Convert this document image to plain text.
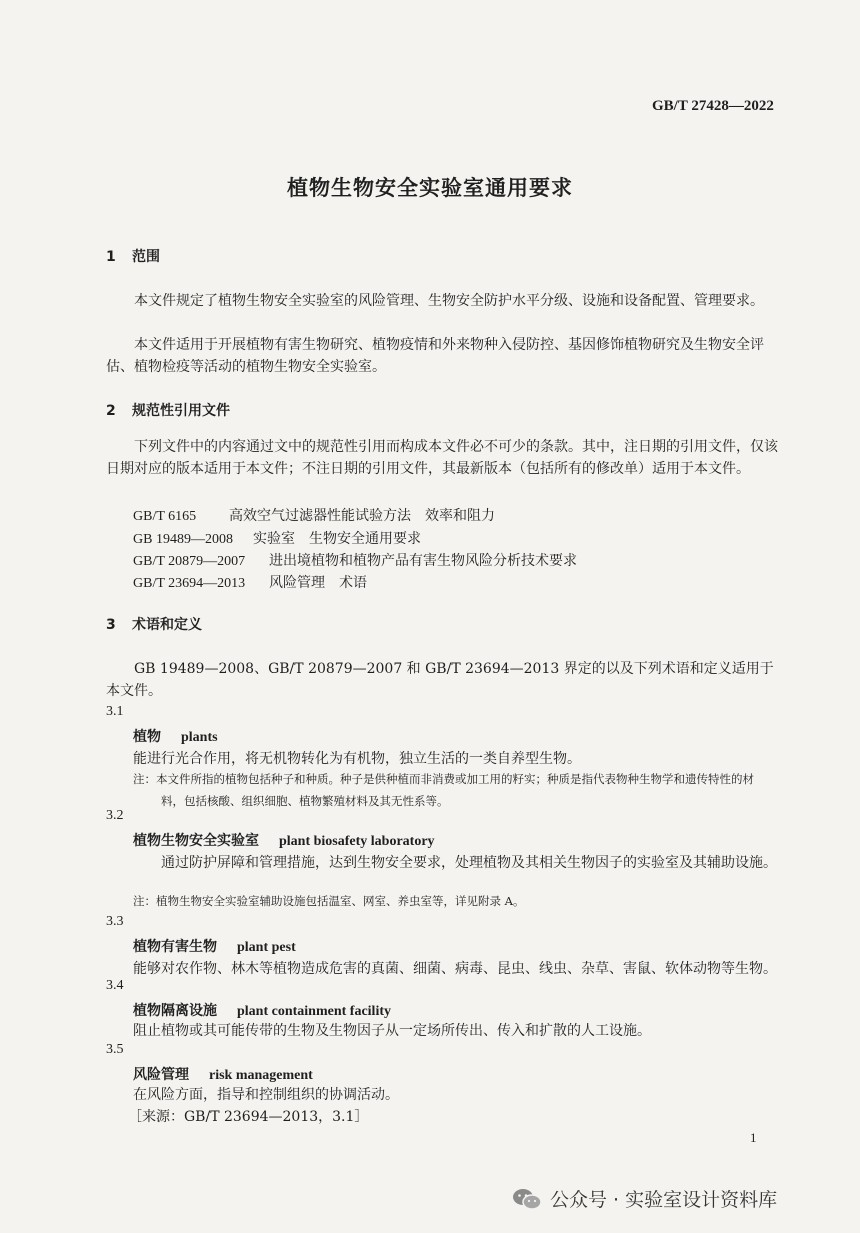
GB/T 27428—2022
植物生物安全实验室通用要求
1 范围
本文件规定了植物生物安全实验室的风险管理、生物安全防护水平分级、设施和设备配置、管理要求。
本文件适用于开展植物有害生物研究、植物疫情和外来物种入侵防控、基因修饰植物研究及生物安全评估、植物检疫等活动的植物生物安全实验室。
2 规范性引用文件
下列文件中的内容通过文中的规范性引用而构成本文件必不可少的条款。其中，注日期的引用文件，仅该日期对应的版本适用于本文件；不注日期的引用文件，其最新版本（包括所有的修改单）适用于本文件。
GB/T 6165 高效空气过滤器性能试验方法　效率和阻力
GB 19489—2008 实验室　生物安全通用要求
GB/T 20879—2007 进出境植物和植物产品有害生物风险分析技术要求
GB/T 23694—2013 风险管理　术语
3 术语和定义
GB 19489—2008、GB/T 20879—2007 和 GB/T 23694—2013 界定的以及下列术语和定义适用于本文件。
3.1
植物 plants
能进行光合作用，将无机物转化为有机物，独立生活的一类自养型生物。
注：本文件所指的植物包括种子和种质。种子是供种植而非消费或加工用的籽实；种质是指代表物种生物学和遗传特性的材料，包括核酸、组织细胞、植物繁殖材料及其无性系等。
3.2
植物生物安全实验室 plant biosafety laboratory
通过防护屏障和管理措施，达到生物安全要求，处理植物及其相关生物因子的实验室及其辅助设施。
注：植物生物安全实验室辅助设施包括温室、网室、养虫室等，详见附录 A。
3.3
植物有害生物 plant pest
能够对农作物、林木等植物造成危害的真菌、细菌、病毒、昆虫、线虫、杂草、害鼠、软体动物等生物。
3.4
植物隔离设施 plant containment facility
阻止植物或其可能传带的生物及生物因子从一定场所传出、传入和扩散的人工设施。
3.5
风险管理 risk management
在风险方面，指导和控制组织的协调活动。
［来源：GB/T 23694—2013，3.1］
1
公众号 · 实验室设计资料库
